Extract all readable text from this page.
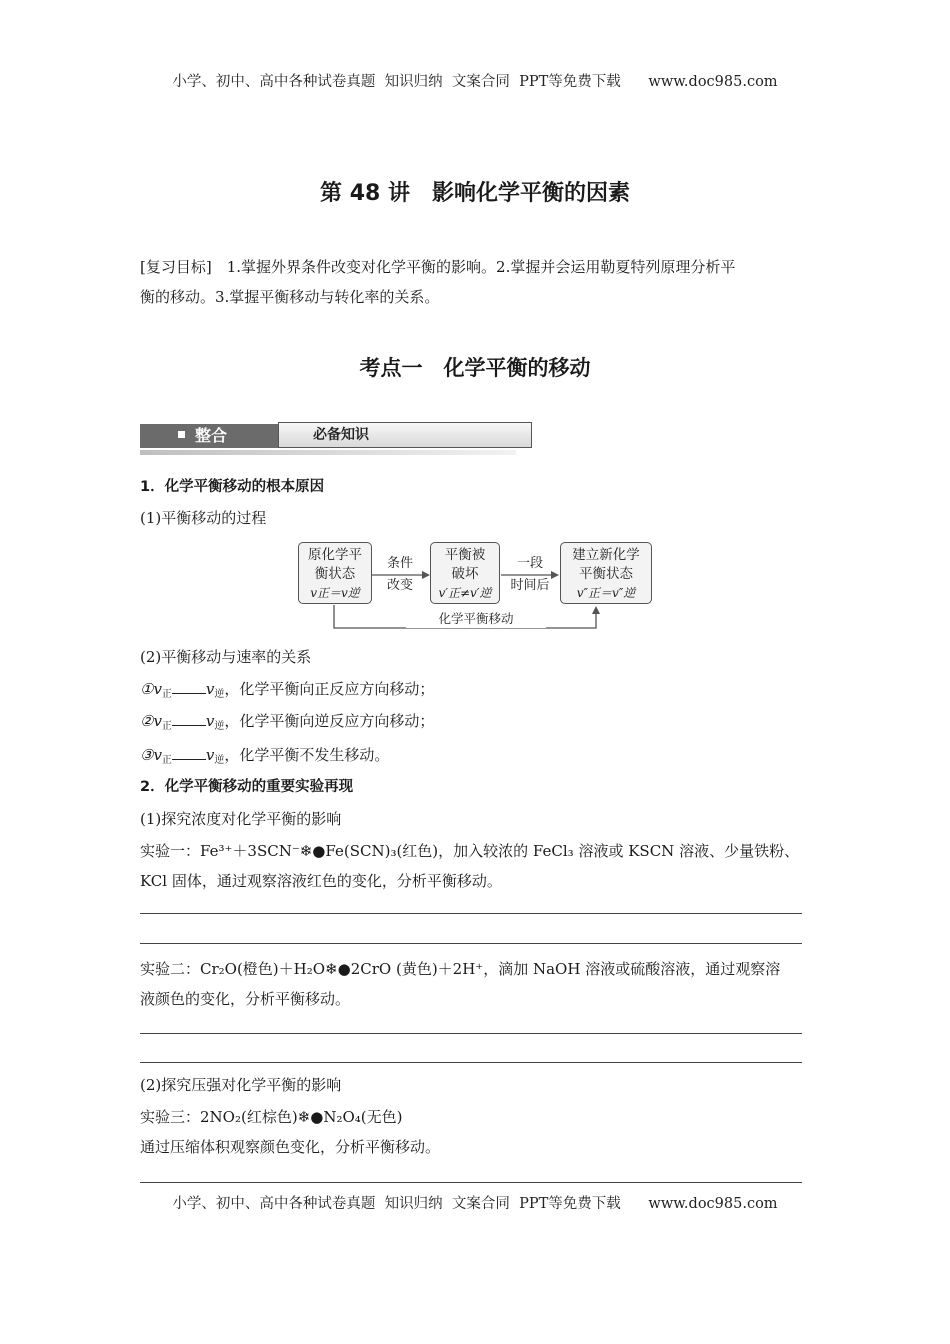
小学、初中、高中各种试卷真题  知识归纳  文案合同  PPT等免费下载      www.doc985.com
第 48 讲　影响化学平衡的因素
[复习目标]　 1.掌握外界条件改变对化学平衡的影响。2.掌握并会运用勒夏特列原理分析平
衡的移动。3.掌握平衡移动与转化率的关系。
考点一　化学平衡的移动
整合	必备知识
1．化学平衡移动的根本原因
(1)平衡移动的过程
原化学平
衡状态
v正＝v逆
条件
改变
平衡被
破坏
v′正≠v′逆
一段
时间后
建立新化学
平衡状态
v″正＝v″逆
化学平衡移动
(2)平衡移动与速率的关系
$①v_正$ $v_逆$，化学平衡向正反应方向移动；
$②v_正$ $v_逆$，化学平衡向逆反应方向移动；
$③v_正$ $v_逆$，化学平衡不发生移动。
2．化学平衡移动的重要实验再现
(1)探究浓度对化学平衡的影响
实验一：Fe³⁺＋3SCN⁻❄●Fe(SCN)₃(红色)，加入较浓的 FeCl₃ 溶液或 KSCN 溶液、少量铁粉、
KCl 固体，通过观察溶液红色的变化，分析平衡移动。
实验二：Cr₂O(橙色)＋H₂O❄●2CrO (黄色)＋2H⁺，滴加 NaOH 溶液或硫酸溶液，通过观察溶
液颜色的变化，分析平衡移动。
(2)探究压强对化学平衡的影响
实验三：2NO₂(红棕色)❄●N₂O₄(无色)
通过压缩体积观察颜色变化，分析平衡移动。
小学、初中、高中各种试卷真题  知识归纳  文案合同  PPT等免费下载      www.doc985.com
